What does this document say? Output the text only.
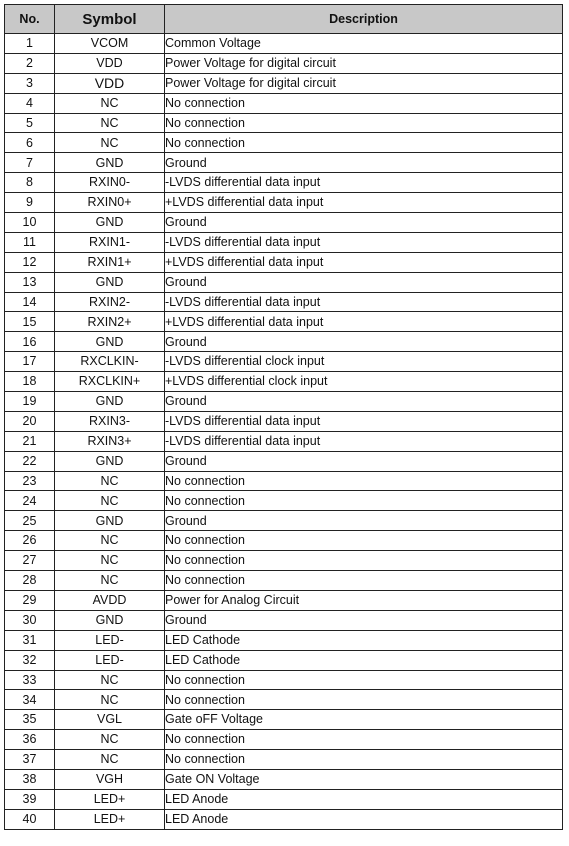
No.	Symbol	Description
1	VCOM	Common Voltage
2	VDD	Power Voltage for digital circuit
3	VDD	Power Voltage for digital circuit
4	NC	No connection
5	NC	No connection
6	NC	No connection
7	GND	Ground
8	RXIN0-	-LVDS differential data input
9	RXIN0+	+LVDS differential data input
10	GND	Ground
11	RXIN1-	-LVDS differential data input
12	RXIN1+	+LVDS differential data input
13	GND	Ground
14	RXIN2-	-LVDS differential data input
15	RXIN2+	+LVDS differential data input
16	GND	Ground
17	RXCLKIN-	-LVDS differential clock input
18	RXCLKIN+	+LVDS differential clock input
19	GND	Ground
20	RXIN3-	-LVDS differential data input
21	RXIN3+	-LVDS differential data input
22	GND	Ground
23	NC	No connection
24	NC	No connection
25	GND	Ground
26	NC	No connection
27	NC	No connection
28	NC	No connection
29	AVDD	Power for Analog Circuit
30	GND	Ground
31	LED-	LED Cathode
32	LED-	LED Cathode
33	NC	No connection
34	NC	No connection
35	VGL	Gate oFF Voltage
36	NC	No connection
37	NC	No connection
38	VGH	Gate ON Voltage
39	LED+	LED Anode
40	LED+	LED Anode
